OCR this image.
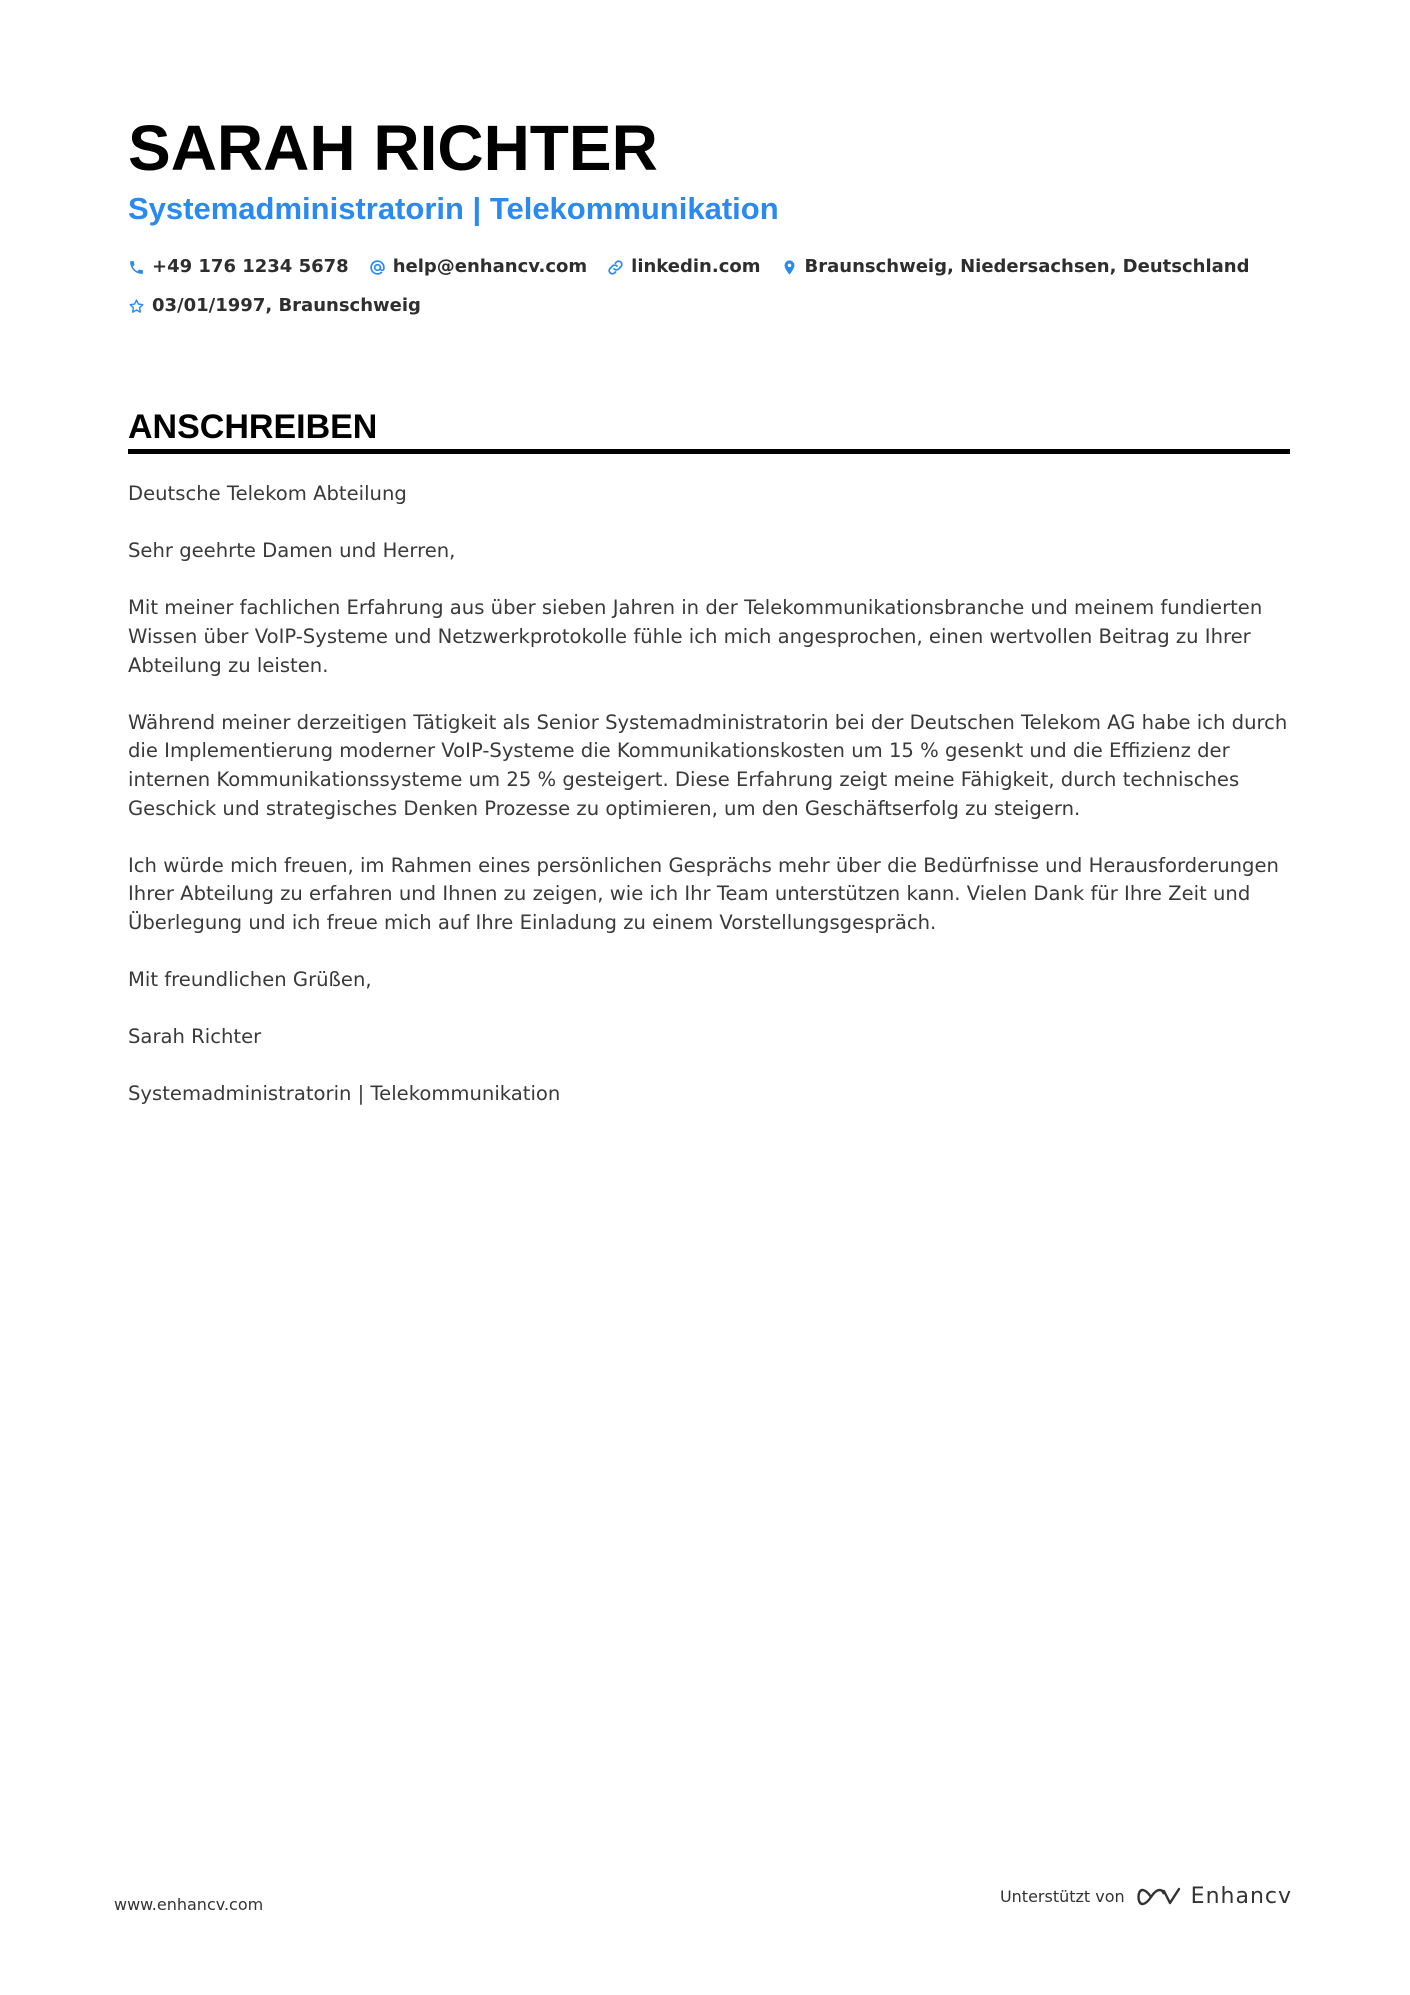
SARAH RICHTER
Systemadministratorin | Telekommunikation
+49 176 1234 5678 help@enhancv.com linkedin.com Braunschweig, Niedersachsen, Deutschland
03/01/1997, Braunschweig
ANSCHREIBEN

Deutsche Telekom Abteilung

Sehr geehrte Damen und Herren,

Mit meiner fachlichen Erfahrung aus über sieben Jahren in der Telekommunikationsbranche und meinem fundierten Wissen über VoIP-Systeme und Netzwerkprotokolle fühle ich mich angesprochen, einen wertvollen Beitrag zu Ihrer Abteilung zu leisten.

Während meiner derzeitigen Tätigkeit als Senior Systemadministratorin bei der Deutschen Telekom AG habe ich durch die Implementierung moderner VoIP-Systeme die Kommunikationskosten um 15 % gesenkt und die Effizienz der internen Kommunikationssysteme um 25 % gesteigert. Diese Erfahrung zeigt meine Fähigkeit, durch technisches Geschick und strategisches Denken Prozesse zu optimieren, um den Geschäftserfolg zu steigern.

Ich würde mich freuen, im Rahmen eines persönlichen Gesprächs mehr über die Bedürfnisse und Herausforderungen Ihrer Abteilung zu erfahren und Ihnen zu zeigen, wie ich Ihr Team unterstützen kann. Vielen Dank für Ihre Zeit und Überlegung und ich freue mich auf Ihre Einladung zu einem Vorstellungsgespräch.

Mit freundlichen Grüßen,

Sarah Richter

Systemadministratorin | Telekommunikation

www.enhancv.com	Unterstützt von	Enhancv
